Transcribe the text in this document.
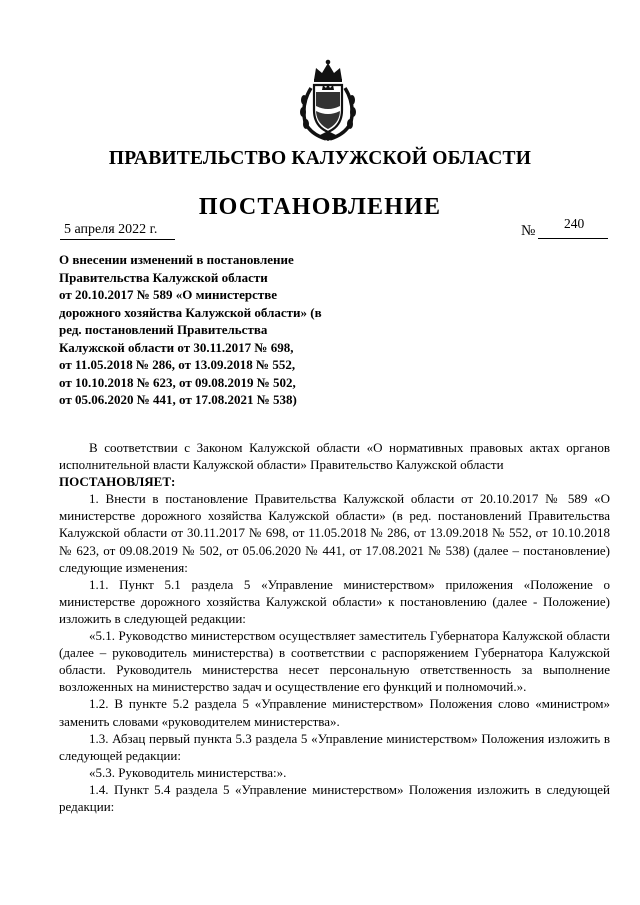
ПРАВИТЕЛЬСТВО КАЛУЖСКОЙ ОБЛАСТИ
ПОСТАНОВЛЕНИЕ
5 апреля 2022 г.	№ 240
О внесении изменений в постановление
Правительства Калужской области
от 20.10.2017 № 589 «О министерстве
дорожного хозяйства Калужской области» (в
ред. постановлений Правительства
Калужской области от 30.11.2017 № 698,
от 11.05.2018 № 286, от 13.09.2018 № 552,
от 10.10.2018 № 623, от 09.08.2019 № 502,
от 05.06.2020 № 441, от 17.08.2021 № 538)

В соответствии с Законом Калужской области «О нормативных правовых актах органов исполнительной власти Калужской области» Правительство Калужской области

ПОСТАНОВЛЯЕТ:

1. Внести в постановление Правительства Калужской области от 20.10.2017 № 589 «О министерстве дорожного хозяйства Калужской области» (в ред. постановлений Правительства Калужской области от 30.11.2017 № 698, от 11.05.2018 № 286, от 13.09.2018 № 552, от 10.10.2018 № 623, от 09.08.2019 № 502, от 05.06.2020 № 441, от 17.08.2021 № 538) (далее – постановление) следующие изменения:

1.1. Пункт 5.1 раздела 5 «Управление министерством» приложения «Положение о министерстве дорожного хозяйства Калужской области» к постановлению (далее - Положение) изложить в следующей редакции:

«5.1. Руководство министерством осуществляет заместитель Губернатора Калужской области (далее – руководитель министерства) в соответствии с распоряжением Губернатора Калужской области. Руководитель министерства несет персональную ответственность за выполнение возложенных на министерство задач и осуществление его функций и полномочий.».

1.2. В пункте 5.2 раздела 5 «Управление министерством» Положения слово «министром» заменить словами «руководителем министерства».

1.3. Абзац первый пункта 5.3 раздела 5 «Управление министерством» Положения изложить в следующей редакции:

«5.3. Руководитель министерства:».

1.4. Пункт 5.4 раздела 5 «Управление министерством» Положения изложить в следующей редакции:
